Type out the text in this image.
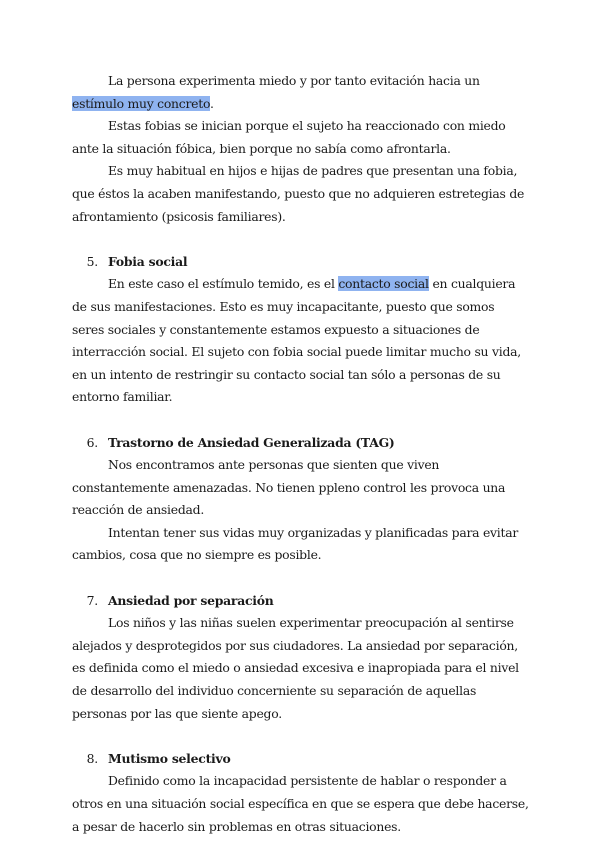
La persona experimenta miedo y por tanto evitación hacia un estímulo muy concreto.

Estas fobias se inician porque el sujeto ha reaccionado con miedo ante la situación fóbica, bien porque no sabía como afrontarla.

Es muy habitual en hijos e hijas de padres que presentan una fobia, que éstos la acaben manifestando, puesto que no adquieren estretegias de afrontamiento (psicosis familiares).

5. Fobia social

En este caso el estímulo temido, es el contacto social en cualquiera de sus manifestaciones. Esto es muy incapacitante, puesto que somos seres sociales y constantemente estamos expuesto a situaciones de interracción social. El sujeto con fobia social puede limitar mucho su vida, en un intento de restringir su contacto social tan sólo a personas de su entorno familiar.

6. Trastorno de Ansiedad Generalizada (TAG)

Nos encontramos ante personas que sienten que viven constantemente amenazadas. No tienen ppleno control les provoca una reacción de ansiedad.

Intentan tener sus vidas muy organizadas y planificadas para evitar cambios, cosa que no siempre es posible.

7. Ansiedad por separación

Los niños y las niñas suelen experimentar preocupación al sentirse alejados y desprotegidos por sus ciudadores. La ansiedad por separación, es definida como el miedo o ansiedad excesiva e inapropiada para el nivel de desarrollo del individuo concerniente su separación de aquellas personas por las que siente apego.

8. Mutismo selectivo

Definido como la incapacidad persistente de hablar o responder a otros en una situación social específica en que se espera que debe hacerse, a pesar de hacerlo sin problemas en otras situaciones.
